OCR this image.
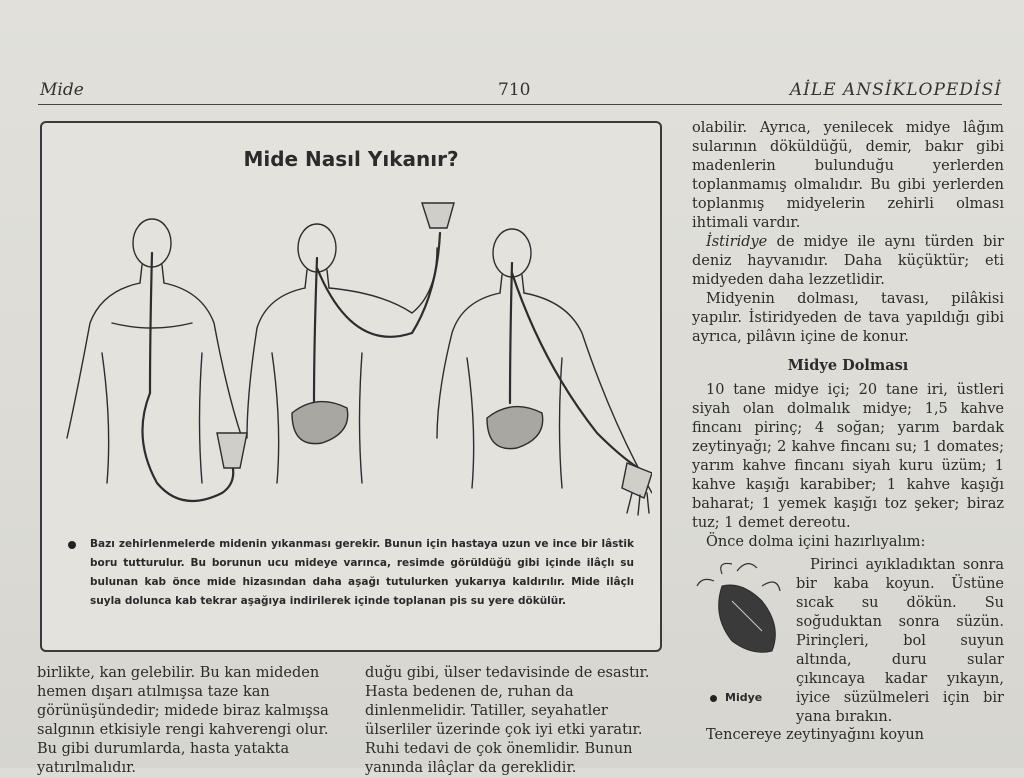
Mide	710	AİLE ANSİKLOPEDİSİ
Mide Nasıl Yıkanır?
Bazı zehirlenmelerde midenin yıkanması gerekir. Bunun için hastaya uzun ve ince bir lâstik boru tutturulur. Bu borunun ucu mideye varınca, resimde görüldüğü gibi içinde ilâçlı su bulunan kab önce mide hizasından daha aşağı tutulurken yukarıya kaldırılır. Mide ilâçlı suyla dolunca kab tekrar aşağıya indirilerek içinde toplanan pis su yere dökülür.

olabilir. Ayrıca, yenilecek midye lâğım sularının döküldüğü, demir, bakır gibi madenlerin bulunduğu yerlerden toplanmamış olmalıdır. Bu gibi yerlerden toplanmış midyelerin zehirli olması ihtimali vardır.

İstiridye de midye ile aynı türden bir deniz hayvanıdır. Daha küçüktür; eti midyeden daha lezzetlidir.

Midyenin dolması, tavası, pilâkisi yapılır. İstiridyeden de tava yapıldığı gibi ayrıca, pilâvın içine de konur.

Midye Dolması

10 tane midye içi; 20 tane iri, üstleri siyah olan dolmalık midye; 1,5 kahve fincanı pirinç; 4 soğan; yarım bardak zeytinyağı; 2 kahve fincanı su; 1 domates; yarım kahve fincanı siyah kuru üzüm; 1 kahve kaşığı karabiber; 1 kahve kaşığı baharat; 1 yemek kaşığı toz şeker; biraz tuz; 1 demet dereotu.

Önce dolma içini hazırlıyalım:

Midye

Pirinci ayıkladıktan sonra bir kaba koyun. Üstüne sıcak su dökün. Su soğuduktan sonra süzün. Pirinçleri, bol suyun altında, duru sular çıkıncaya kadar yıkayın, iyice süzülmeleri için bir yana bırakın.

Tencereye zeytinyağını koyun

birlikte, kan gelebilir. Bu kan mideden hemen dışarı atılmışsa taze kan görünüşündedir; midede biraz kalmışsa salgının etkisiyle rengi kahverengi olur. Bu gibi durumlarda, hasta yatakta yatırılmalıdır.

duğu gibi, ülser tedavisinde de esastır. Hasta bedenen de, ruhan da dinlenmelidir. Tatiller, seyahatler ülserliler üzerinde çok iyi etki yaratır. Ruhi tedavi de çok önemlidir. Bunun yanında ilâçlar da gereklidir.
